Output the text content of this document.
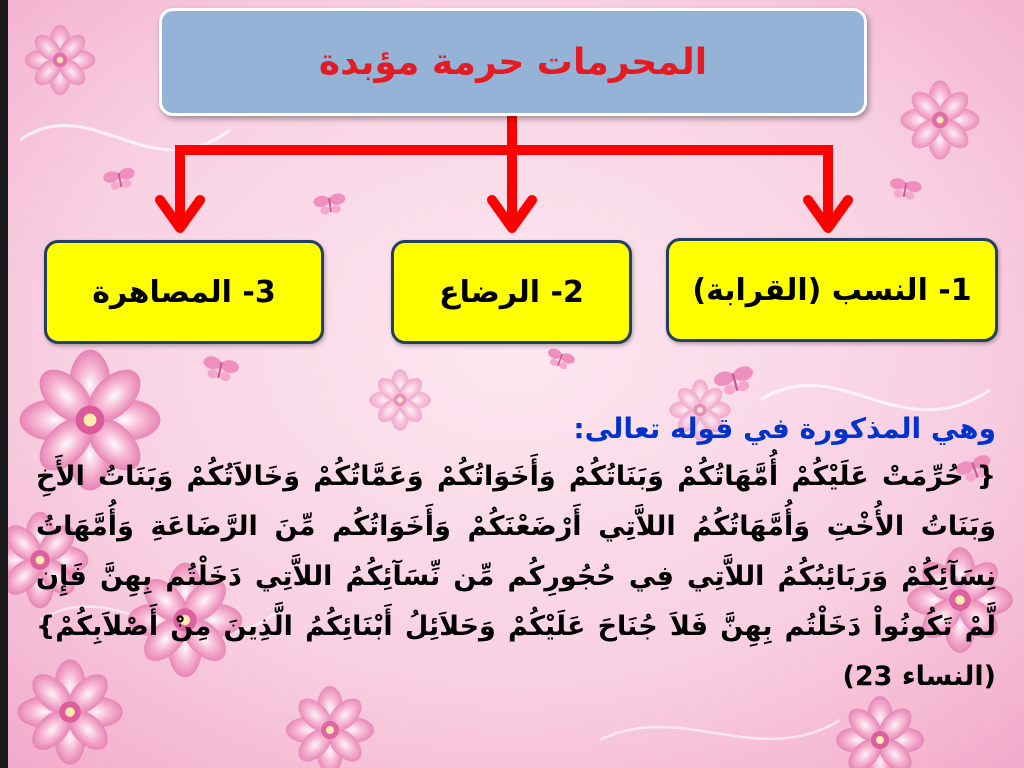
المحرمات حرمة مؤبدة
1- النسب (القرابة)
2- الرضاع
3- المصاهرة
وهي المذكورة في قوله تعالى:
{ حُرِّمَتْ عَلَيْكُمْ أُمَّهَاتُكُمْ وَبَنَاتُكُمْ وَأَخَوَاتُكُمْ وَعَمَّاتُكُمْ وَخَالاَتُكُمْ وَبَنَاتُ الأَخِ وَبَنَاتُ الأُخْتِ وَأُمَّهَاتُكُمُ اللاَّتِي أَرْضَعْنَكُمْ وَأَخَوَاتُكُم مِّنَ الرَّضَاعَةِ وَأُمَّهَاتُ نِسَآئِكُمْ وَرَبَائِبُكُمُ اللاَّتِي فِي حُجُورِكُم مِّن نِّسَآئِكُمُ اللاَّتِي دَخَلْتُم بِهِنَّ فَإِن لَّمْ تَكُونُواْ دَخَلْتُم بِهِنَّ فَلاَ جُنَاحَ عَلَيْكُمْ وَحَلاَئِلُ أَبْنَائِكُمُ الَّذِينَ مِنْ أَصْلاَبِكُمْ} (النساء 23)
